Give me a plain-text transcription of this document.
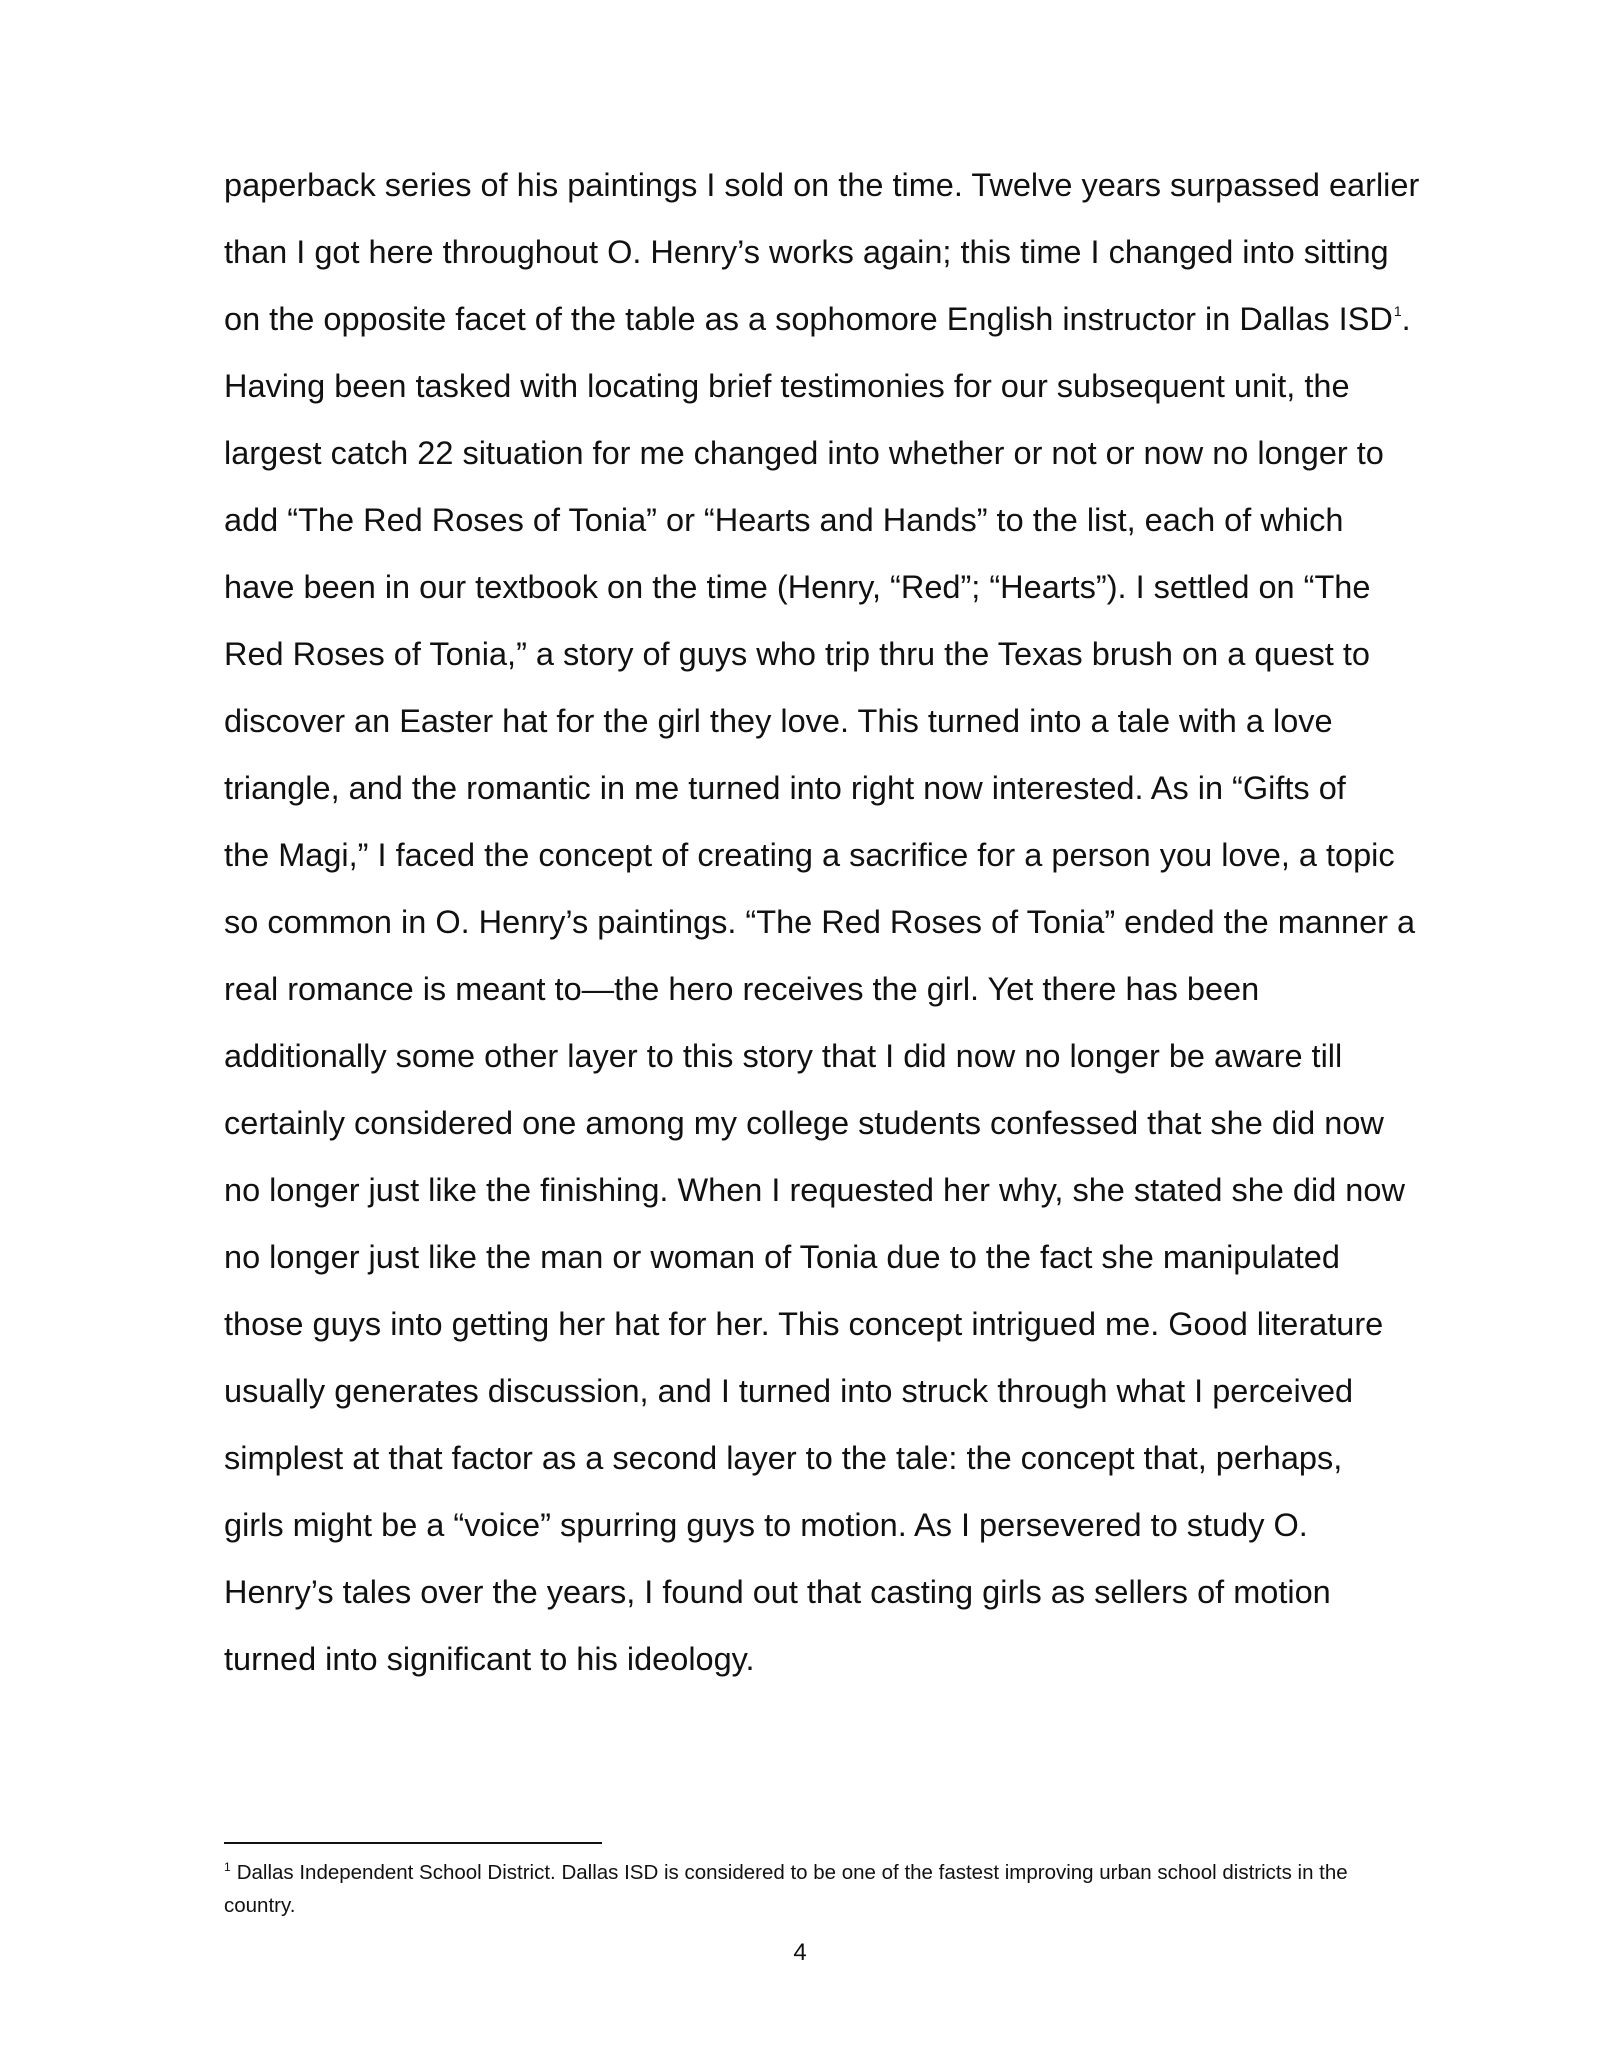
paperback series of his paintings I sold on the time. Twelve years surpassed earlier
than I got here throughout O. Henry’s works again; this time I changed into sitting
on the opposite facet of the table as a sophomore English instructor in Dallas ISD$^1$.
Having been tasked with locating brief testimonies for our subsequent unit, the
largest catch 22 situation for me changed into whether or not or now no longer to
add “The Red Roses of Tonia” or “Hearts and Hands” to the list, each of which
have been in our textbook on the time (Henry, “Red”; “Hearts”). I settled on “The
Red Roses of Tonia,” a story of guys who trip thru the Texas brush on a quest to
discover an Easter hat for the girl they love. This turned into a tale with a love
triangle, and the romantic in me turned into right now interested. As in “Gifts of
the Magi,” I faced the concept of creating a sacrifice for a person you love, a topic
so common in O. Henry’s paintings. “The Red Roses of Tonia” ended the manner a
real romance is meant to—the hero receives the girl. Yet there has been
additionally some other layer to this story that I did now no longer be aware till
certainly considered one among my college students confessed that she did now
no longer just like the finishing. When I requested her why, she stated she did now
no longer just like the man or woman of Tonia due to the fact she manipulated
those guys into getting her hat for her. This concept intrigued me. Good literature
usually generates discussion, and I turned into struck through what I perceived
simplest at that factor as a second layer to the tale: the concept that, perhaps,
girls might be a “voice” spurring guys to motion. As I persevered to study O.
Henry’s tales over the years, I found out that casting girls as sellers of motion
turned into significant to his ideology.
$^1$ Dallas Independent School District. Dallas ISD is considered to be one of the fastest improving urban school districts in the
country.
4
